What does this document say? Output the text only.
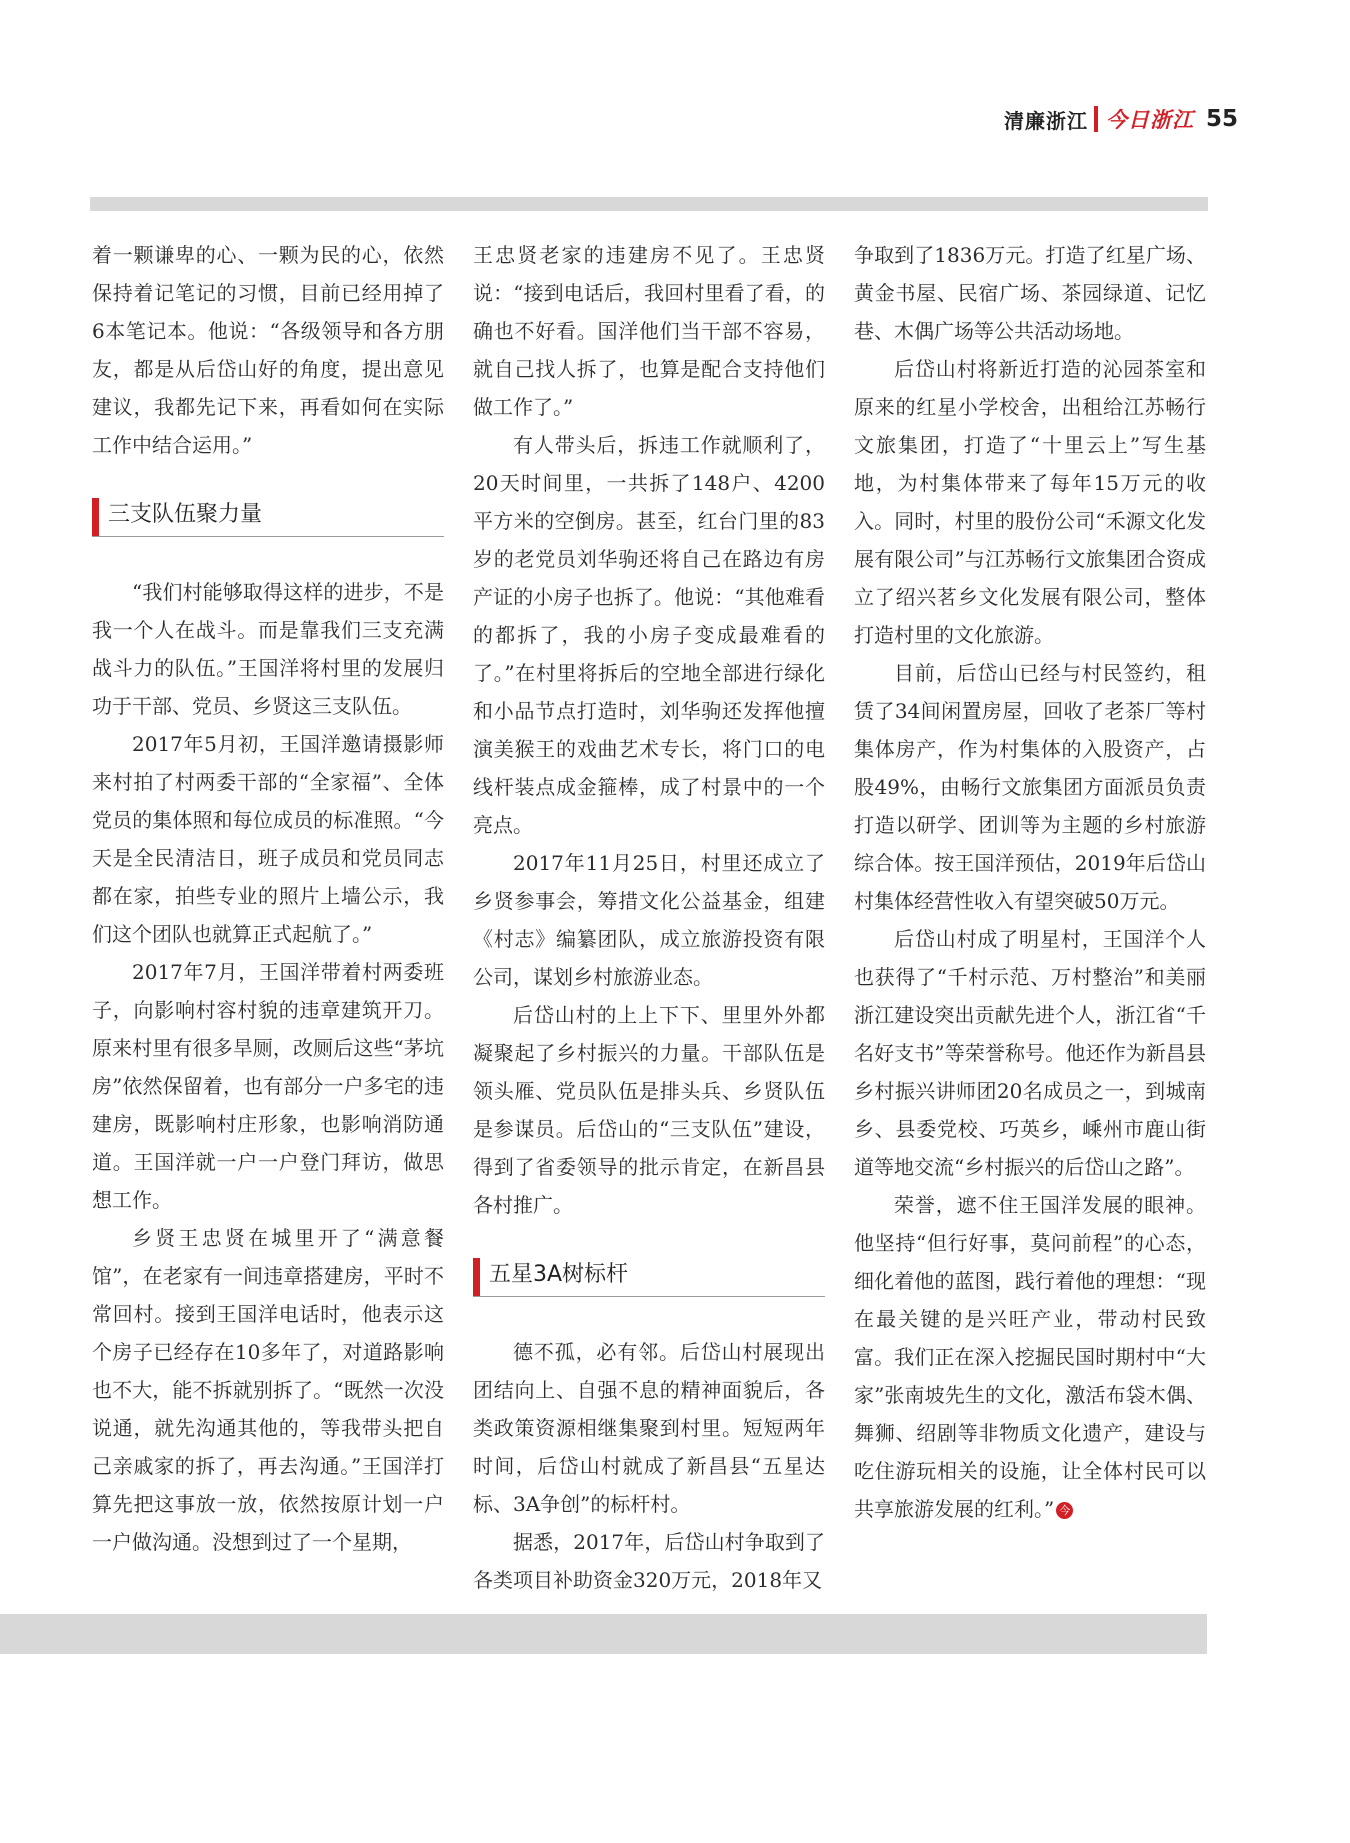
清廉浙江 今日浙江 55

着一颗谦卑的心、一颗为民的心，依然保持着记笔记的习惯，目前已经用掉了6本笔记本。他说：“各级领导和各方朋友，都是从后岱山好的角度，提出意见建议，我都先记下来，再看如何在实际工作中结合运用。”

三支队伍聚力量

“我们村能够取得这样的进步，不是我一个人在战斗。而是靠我们三支充满战斗力的队伍。”王国洋将村里的发展归功于干部、党员、乡贤这三支队伍。

2017年5月初，王国洋邀请摄影师来村拍了村两委干部的“全家福”、全体党员的集体照和每位成员的标准照。“今天是全民清洁日，班子成员和党员同志都在家，拍些专业的照片上墙公示，我们这个团队也就算正式起航了。”

2017年7月，王国洋带着村两委班子，向影响村容村貌的违章建筑开刀。原来村里有很多旱厕，改厕后这些“茅坑房”依然保留着，也有部分一户多宅的违建房，既影响村庄形象，也影响消防通道。王国洋就一户一户登门拜访，做思想工作。

乡贤王忠贤在城里开了“满意餐馆”，在老家有一间违章搭建房，平时不常回村。接到王国洋电话时，他表示这个房子已经存在10多年了，对道路影响也不大，能不拆就别拆了。“既然一次没说通，就先沟通其他的，等我带头把自己亲戚家的拆了，再去沟通。”王国洋打算先把这事放一放，依然按原计划一户一户做沟通。没想到过了一个星期，

王忠贤老家的违建房不见了。王忠贤说：“接到电话后，我回村里看了看，的确也不好看。国洋他们当干部不容易，就自己找人拆了，也算是配合支持他们做工作了。”

有人带头后，拆违工作就顺利了，20天时间里，一共拆了148户、4200平方米的空倒房。甚至，红台门里的83岁的老党员刘华驹还将自己在路边有房产证的小房子也拆了。他说：“其他难看的都拆了，我的小房子变成最难看的了。”在村里将拆后的空地全部进行绿化和小品节点打造时，刘华驹还发挥他擅演美猴王的戏曲艺术专长，将门口的电线杆装点成金箍棒，成了村景中的一个亮点。

2017年11月25日，村里还成立了乡贤参事会，筹措文化公益基金，组建《村志》编纂团队，成立旅游投资有限公司，谋划乡村旅游业态。

后岱山村的上上下下、里里外外都凝聚起了乡村振兴的力量。干部队伍是领头雁、党员队伍是排头兵、乡贤队伍是参谋员。后岱山的“三支队伍”建设，得到了省委领导的批示肯定，在新昌县各村推广。

五星3A树标杆

德不孤，必有邻。后岱山村展现出团结向上、自强不息的精神面貌后，各类政策资源相继集聚到村里。短短两年时间，后岱山村就成了新昌县“五星达标、3A争创”的标杆村。

据悉，2017年，后岱山村争取到了各类项目补助资金320万元，2018年又

争取到了1836万元。打造了红星广场、黄金书屋、民宿广场、茶园绿道、记忆巷、木偶广场等公共活动场地。

后岱山村将新近打造的沁园茶室和原来的红星小学校舍，出租给江苏畅行文旅集团，打造了“十里云上”写生基地，为村集体带来了每年15万元的收入。同时，村里的股份公司“禾源文化发展有限公司”与江苏畅行文旅集团合资成立了绍兴茗乡文化发展有限公司，整体打造村里的文化旅游。

目前，后岱山已经与村民签约，租赁了34间闲置房屋，回收了老茶厂等村集体房产，作为村集体的入股资产，占股49%，由畅行文旅集团方面派员负责打造以研学、团训等为主题的乡村旅游综合体。按王国洋预估，2019年后岱山村集体经营性收入有望突破50万元。

后岱山村成了明星村，王国洋个人也获得了“千村示范、万村整治”和美丽浙江建设突出贡献先进个人，浙江省“千名好支书”等荣誉称号。他还作为新昌县乡村振兴讲师团20名成员之一，到城南乡、县委党校、巧英乡，嵊州市鹿山街道等地交流“乡村振兴的后岱山之路”。

荣誉，遮不住王国洋发展的眼神。他坚持“但行好事，莫问前程”的心态，细化着他的蓝图，践行着他的理想：“现在最关键的是兴旺产业，带动村民致富。我们正在深入挖掘民国时期村中“大家”张南坡先生的文化，激活布袋木偶、舞狮、绍剧等非物质文化遗产，建设与吃住游玩相关的设施，让全体村民可以共享旅游发展的红利。” 今
